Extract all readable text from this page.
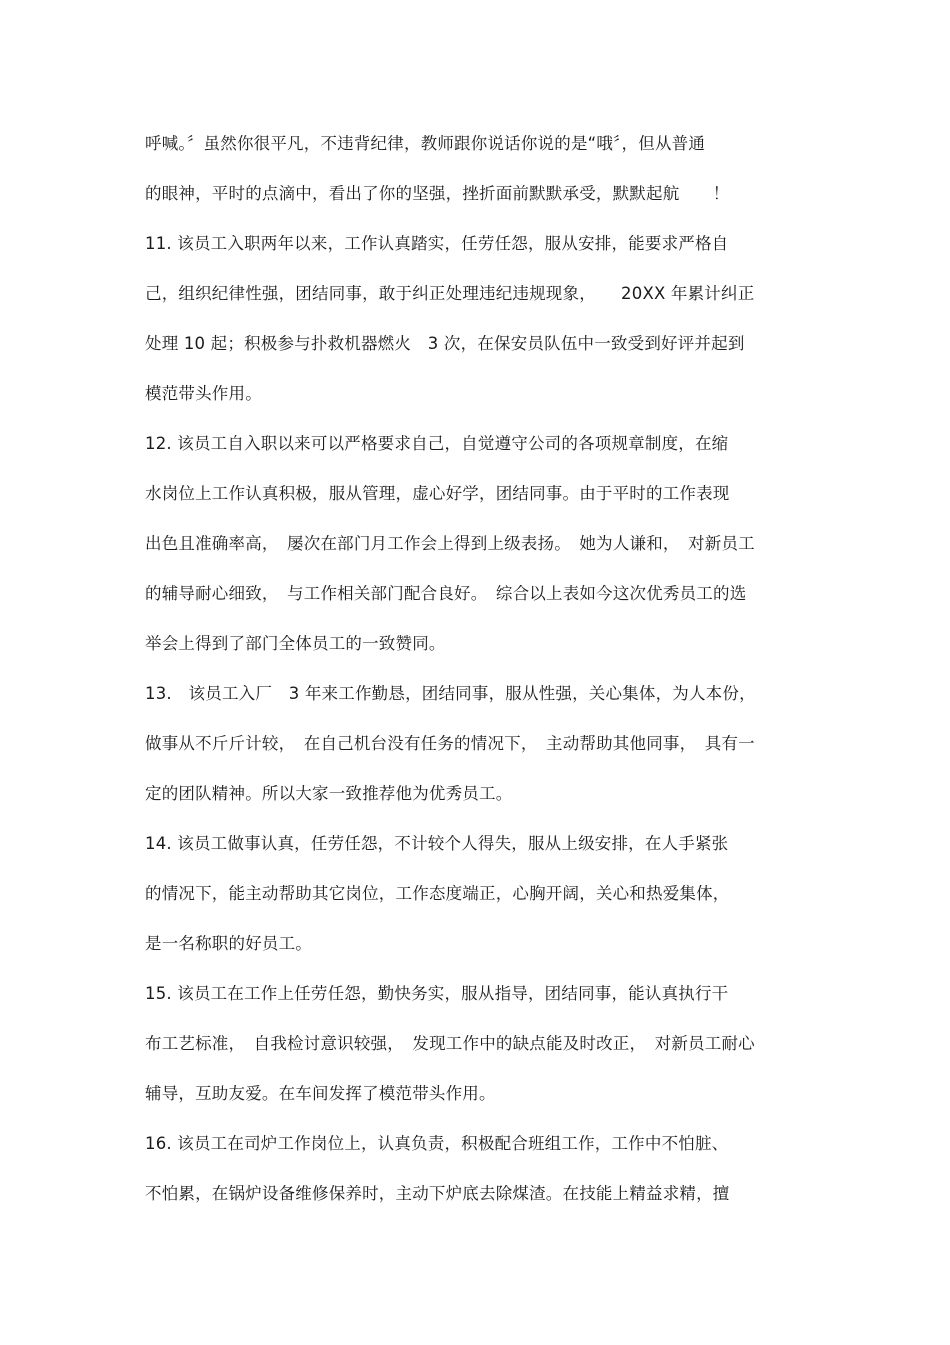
呼喊。〞虽然你很平凡，不违背纪律，教师跟你说话你说的是“哦〞，但从普通
的眼神，平时的点滴中，看出了你的坚强，挫折面前默默承受，默默起航　　！
11. 该员工入职两年以来，工作认真踏实，任劳任怨，服从安排，能要求严格自
己，组织纪律性强，团结同事，敢于纠正处理违纪违规现象，　　20XX 年累计纠正
处理 10 起；积极参与扑救机器燃火　3 次，在保安员队伍中一致受到好评并起到
模范带头作用。
12. 该员工自入职以来可以严格要求自己，自觉遵守公司的各项规章制度，在缩
水岗位上工作认真积极，服从管理，虚心好学，团结同事。由于平时的工作表现
出色且准确率高，　屡次在部门月工作会上得到上级表扬。　她为人谦和，　对新员工
的辅导耐心细致，　与工作相关部门配合良好。　综合以上表如今这次优秀员工的选
举会上得到了部门全体员工的一致赞同。
13.　该员工入厂　3 年来工作勤恳，团结同事，服从性强，关心集体，为人本份，
做事从不斤斤计较，　在自己机台没有任务的情况下，　主动帮助其他同事，　具有一
定的团队精神。所以大家一致推荐他为优秀员工。
14. 该员工做事认真，任劳任怨，不计较个人得失，服从上级安排，在人手紧张
的情况下，能主动帮助其它岗位，工作态度端正，心胸开阔，关心和热爱集体，
是一名称职的好员工。
15. 该员工在工作上任劳任怨，勤快务实，服从指导，团结同事，能认真执行干
布工艺标准，　自我检讨意识较强，　发现工作中的缺点能及时改正，　对新员工耐心
辅导，互助友爱。在车间发挥了模范带头作用。
16. 该员工在司炉工作岗位上，认真负责，积极配合班组工作，工作中不怕脏、
不怕累，在锅炉设备维修保养时，主动下炉底去除煤渣。在技能上精益求精，擅
